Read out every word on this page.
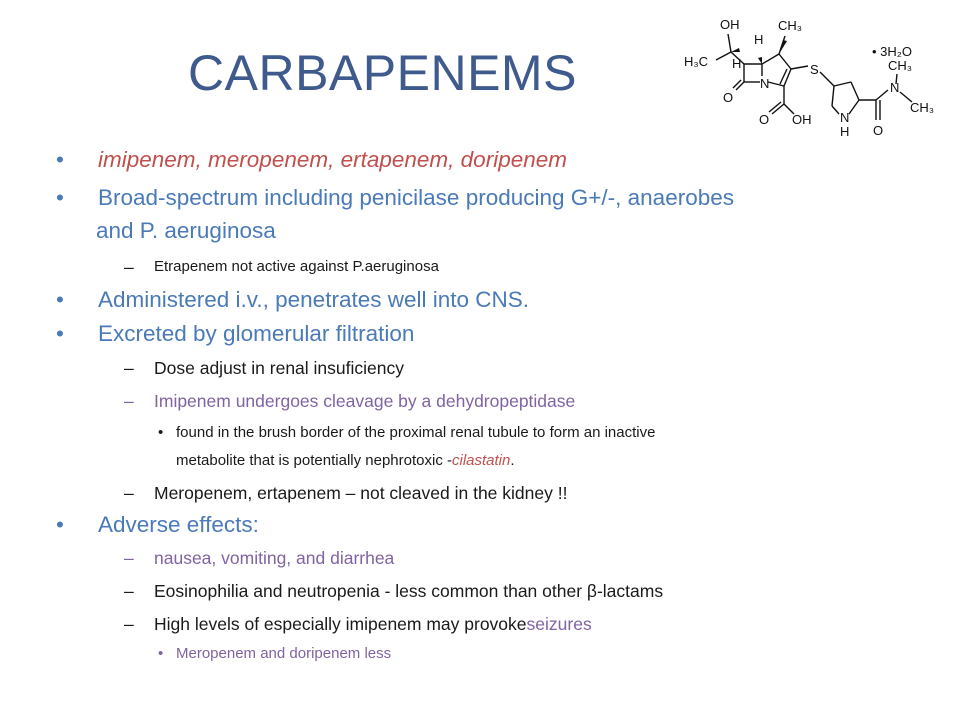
CARBAPENEMS
OH
H₃C H
H
CH₃
O
N
S
O OH N
H O
N
CH₃
CH₃
• 3H₂O
•	imipenem, meropenem, ertapenem, doripenem
•	Broad-spectrum including penicilase producing G+/-, anaerobes
and P. aeruginosa
–	Etrapenem not active against P.aeruginosa
•	Administered i.v., penetrates well into CNS.
•	Excreted by glomerular filtration
–	Dose adjust in renal insuficiency
–	Imipenem undergoes cleavage by a dehydropeptidase
• found in the brush border of the proximal renal tubule to form an inactive
metabolite that is potentially nephrotoxic - cilastatin .
–	Meropenem, ertapenem – not cleaved in the kidney !!
•	Adverse effects:
–	nausea, vomiting, and diarrhea
–	Eosinophilia and neutropenia - less common than other β-lactams
–	High levels of especially imipenem may provoke seizures
• Meropenem and doripenem less
